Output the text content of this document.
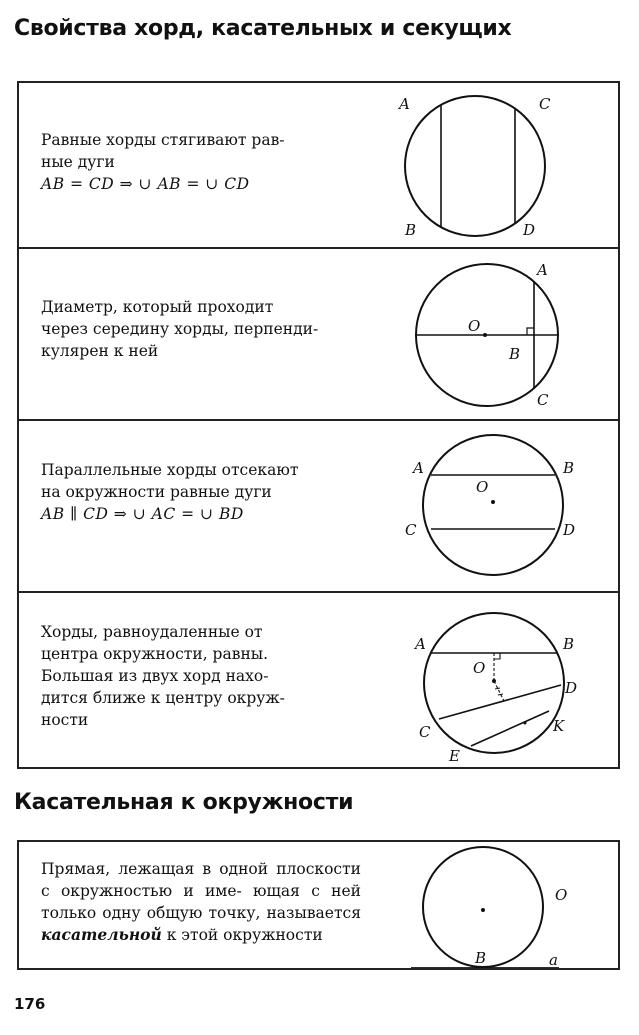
Свойства хорд, касательных и секущих

Равные хорды стягивают рав-

ные дуги

AB = CD ⇒ ∪ AB = ∪ CD

A
B
C
D

Диаметр, который проходит

через середину хорды, перпенди-

кулярен к ней

O
A
B
C

Параллельные хорды отсекают

на окружности равные дуги

AB ∥ CD ⇒ ∪ AC = ∪ BD

A	B
O
C	D

Хорды, равноудаленные от

центра окружности, равны.

Большая из двух хорд нахо-

дится ближе к центру окруж-

ности

A	B
O
D
C	K
E
Касательная к окружности
Прямая, лежащая в одной плоскости с окружностью и име- ющая с ней только одну общую точку, называется касательной к этой окружности
O
B	a
176
